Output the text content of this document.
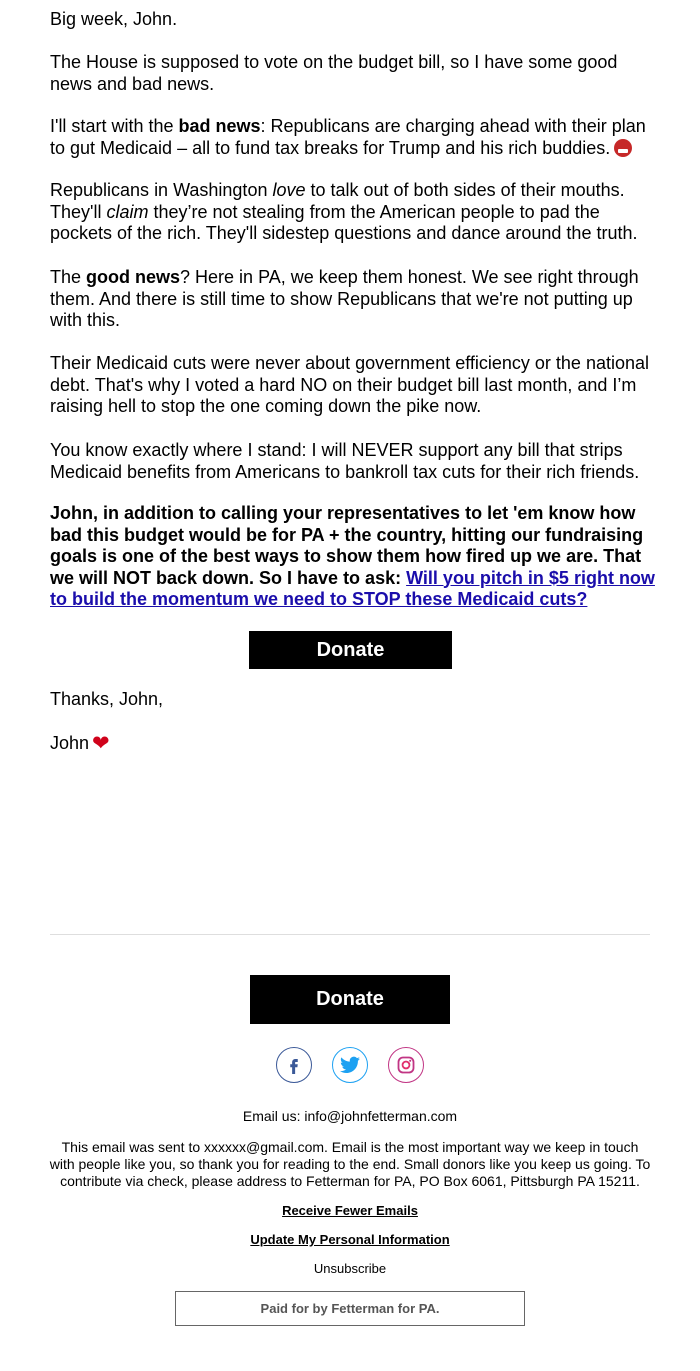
Big week, John.

The House is supposed to vote on the budget bill, so I have some good news and bad news.

I'll start with the bad news: Republicans are charging ahead with their plan to gut Medicaid – all to fund tax breaks for Trump and his rich buddies.

Republicans in Washington love to talk out of both sides of their mouths. They'll claim they’re not stealing from the American people to pad the pockets of the rich. They'll sidestep questions and dance around the truth.

The good news? Here in PA, we keep them honest. We see right through them. And there is still time to show Republicans that we're not putting up with this.

Their Medicaid cuts were never about government efficiency or the national debt. That's why I voted a hard NO on their budget bill last month, and I’m raising hell to stop the one coming down the pike now.

You know exactly where I stand: I will NEVER support any bill that strips Medicaid benefits from Americans to bankroll tax cuts for their rich friends.

John, in addition to calling your representatives to let 'em know how bad this budget would be for PA + the country, hitting our fundraising goals is one of the best ways to show them how fired up we are. That we will NOT back down. So I have to ask: Will you pitch in $5 right now to build the momentum we need to STOP these Medicaid cuts?

Donate

Thanks, John,

John ❤

Donate
Email us: info@johnfetterman.com
This email was sent to xxxxxx@gmail.com. Email is the most important way we keep in touch with people like you, so thank you for reading to the end. Small donors like you keep us going. To contribute via check, please address to Fetterman for PA, PO Box 6061, Pittsburgh PA 15211.
Receive Fewer Emails
Update My Personal Information
Unsubscribe
Paid for by Fetterman for PA.
